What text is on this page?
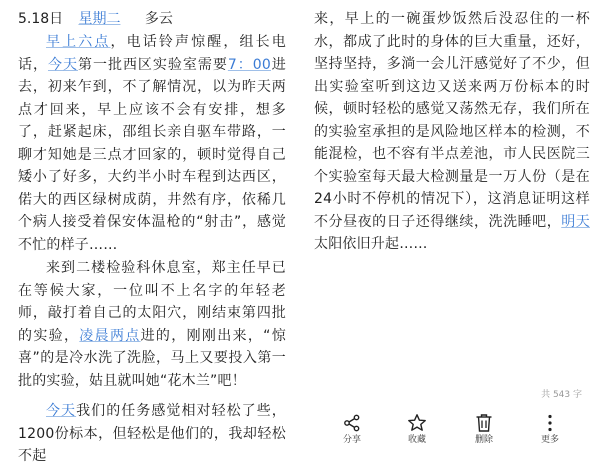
5.18日 星期二 多云
早上六点，电话铃声惊醒，组长电话，今天第一批西区实验室需要7：00进去，初来乍到，不了解情况，以为昨天两点才回来，早上应该不会有安排，想多了，赶紧起床，邵组长亲自驱车带路，一聊才知她是三点才回家的，顿时觉得自己矮小了好多，大约半小时车程到达西区，偌大的西区绿树成荫，井然有序，依稀几个病人接受着保安体温枪的“射击”，感觉不忙的样子……
来到二楼检验科休息室，郑主任早已在等候大家，一位叫不上名字的年轻老师，敲打着自己的太阳穴，刚结束第四批的实验，凌晨两点进的，刚刚出来，“惊喜”的是冷水洗了洗脸，马上又要投入第一批的实验，姑且就叫她“花木兰”吧！
今天我们的任务感觉相对轻松了些，1200份标本，但轻松是他们的，我却轻松不起
来，早上的一碗蛋炒饭然后没忍住的一杯水，都成了此时的身体的巨大重量，还好，坚持坚持，多淌一会儿汗感觉好了不少，但出实验室听到这边又送来两万份标本的时候，顿时轻松的感觉又荡然无存，我们所在的实验室承担的是风险地区样本的检测，不能混检，也不容有半点差池，市人民医院三个实验室每天最大检测量是一万人份（是在24小时不停机的情况下），这消息证明这样不分昼夜的日子还得继续，洗洗睡吧，明天太阳依旧升起……
共 543 字
分享	收藏	删除	更多
